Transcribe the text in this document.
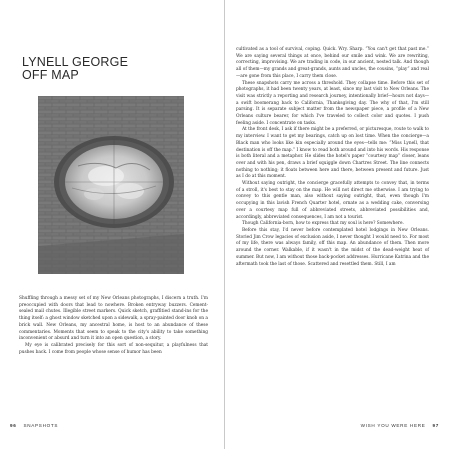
LYNELL GEORGE
OFF MAP

Shuffling through a messy set of my New Orleans photographs, I discern a truth. I'm preoccupied with doors that lead to nowhere. Broken entryway buzzers. Cement-sealed mail chutes. Illegible street markers. Quick sketch, graffitied stand-ins for the thing itself: a ghost window sketched upon a sidewalk, a spray-painted door knob on a brick wall. New Orleans, my ancestral home, is host to an abundance of these commentaries. Moments that seem to speak to the city's ability to take something inconvenient or absurd and turn it into an open question, a story.

My eye is calibrated precisely for this sort of non-sequitur, a playfulness that pushes back. I come from people whose sense of humor has been

96 SNAPSHOTS

cultivated as a tool of survival, coping. Quick. Wry. Sharp. “You can't get that past me.” We are saying several things at once, behind our smile and wink. We are rewriting, correcting, improvising. We are trading in code, in our ancient, nested talk. And though all of them—my grands and great-grands, aunts and uncles, the cousins, “play” and real—are gone from this place, I carry them close.

These snapshots carry me across a threshold. They collapse time. Before this set of photographs, it had been twenty years, at least, since my last visit to New Orleans. The visit was strictly a reporting and research journey, intentionally brief—hours not days—a swift boomerang back to California, Thanksgiving day. The why of that, I'm still parsing. It is separate subject matter from the newspaper piece, a profile of a New Orleans culture bearer, for which I've traveled to collect color and quotes. I push feeling aside. I concentrate on tasks.

At the front desk, I ask if there might be a preferred, or picturesque, route to walk to my interview. I want to get my bearings, catch up on lost time. When the concierge—a Black man who looks like kin especially around the eyes—tells me: “Miss Lynell, that destination is off the map.” I know to read both around and into his words. His response is both literal and a metaphor. He slides the hotel's paper “courtesy map” closer, leans over and with his pen, draws a brief squiggle down Chartres Street. The line connects nothing to nothing; it floats between here and there, between present and future. Just as I do at this moment.

Without saying outright, the concierge gracefully attempts to convey that, in terms of a stroll, it's best to stay on the map. He will not direct me otherwise. I am trying to convey to this gentle man, also without saying outright, that, even though I'm occupying in this lavish French Quarter hotel, ornate as a wedding cake, conversing over a courtesy map full of abbreviated streets, abbreviated possibilities and, accordingly, abbreviated consequences, I am not a tourist.

Though California-born, how to express that my soul is here? Somewhere.

Before this stay, I'd never before contemplated hotel lodgings in New Orleans. Storied Jim Crow legacies of exclusion aside, I never thought I would need to. For most of my life, there was always family, off this map. An abundance of them. Then more around the corner. Walkable, if it wasn't in the midst of the dead-weight heat of summer. But now, I am without those back-pocket addresses. Hurricane Katrina and the aftermath took the last of those. Scattered and resettled them. Still, I am

WISH YOU WERE HERE 97
